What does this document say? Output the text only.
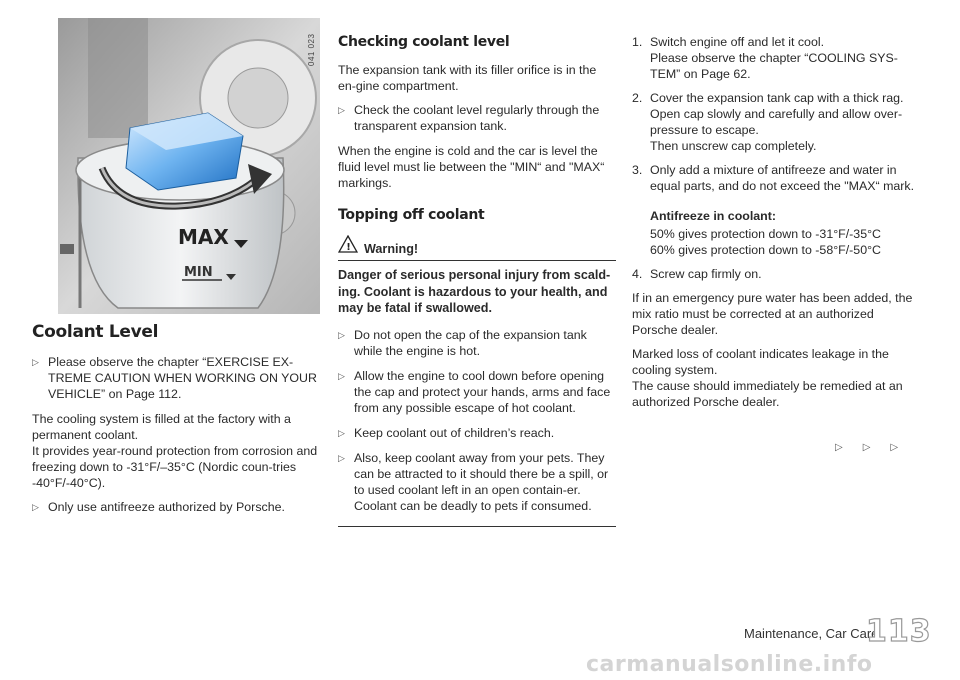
MAX
MIN
041 023
Coolant Level
▷ Please observe the chapter “EXERCISE EX-TREME CAUTION WHEN WORKING ON YOUR VEHICLE” on Page 112.

The cooling system is filled at the factory with a permanent coolant.

It provides year-round protection from corrosion and freezing down to -31°F/–35°C (Nordic coun-tries -40°F/-40°C).

▷ Only use antifreeze authorized by Porsche.
Checking coolant level

The expansion tank with its filler orifice is in the en-gine compartment.

▷ Check the coolant level regularly through the transparent expansion tank.

When the engine is cold and the car is level the fluid level must lie between the "MIN“ and "MAX“ markings.

Topping off coolant
! Warning!

Danger of serious personal injury from scald-ing. Coolant is hazardous to your health, and may be fatal if swallowed.

▷ Do not open the cap of the expansion tank while the engine is hot.
▷ Allow the engine to cool down before opening the cap and protect your hands, arms and face from any possible escape of hot coolant.
▷ Keep coolant out of children’s reach.
▷ Also, keep coolant away from your pets. They can be attracted to it should there be a spill, or to used coolant left in an open contain-er. Coolant can be deadly to pets if consumed.
1. Switch engine off and let it cool.
Please observe the chapter “COOLING SYS-TEM” on Page 62.
2. Cover the expansion tank cap with a thick rag. Open cap slowly and carefully and allow over-pressure to escape.
Then unscrew cap completely.
3. Only add a mixture of antifreeze and water in equal parts, and do not exceed the "MAX“ mark.
Antifreeze in coolant:

50% gives protection down to -31°F/-35°C

60% gives protection down to -58°F/-50°C

4. Screw cap firmly on.

If in an emergency pure water has been added, the mix ratio must be corrected at an authorized Porsche dealer.

Marked loss of coolant indicates leakage in the cooling system.

The cause should immediately be remedied at an authorized Porsche dealer.

▷▷▷
Maintenance, Car Care
113
carmanualsonline.info
